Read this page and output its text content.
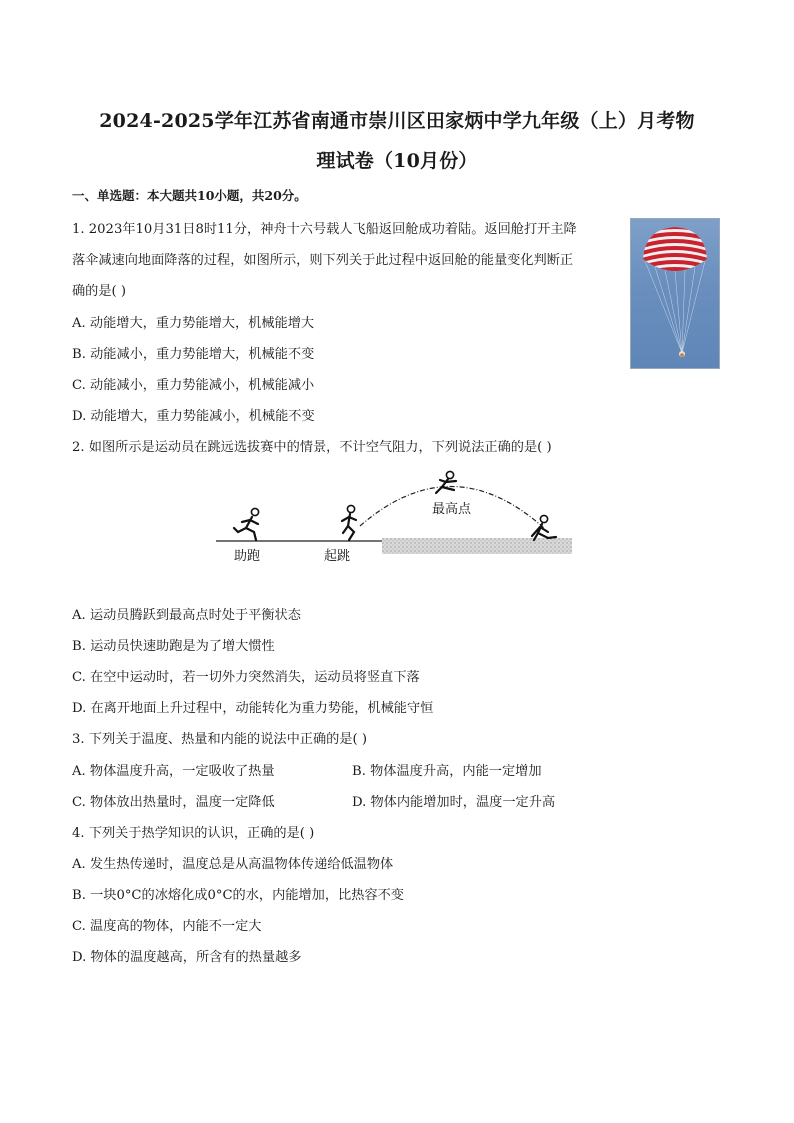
2024-2025学年江苏省南通市崇川区田家炳中学九年级（上）月考物
理试卷（10月份）
一、单选题：本大题共10小题，共20分。
1. 2023年10月31日8时11分，神舟十六号载人飞船返回舱成功着陆。返回舱打开主降
落伞减速向地面降落的过程，如图所示，则下列关于此过程中返回舱的能量变化判断正
确的是( )
A. 动能增大，重力势能增大，机械能增大
B. 动能减小，重力势能增大，机械能不变
C. 动能减小，重力势能减小，机械能减小
D. 动能增大，重力势能减小，机械能不变
2. 如图所示是运动员在跳远选拔赛中的情景，不计空气阻力，下列说法正确的是( )
助跑	起跳
最高点
A. 运动员腾跃到最高点时处于平衡状态
B. 运动员快速助跑是为了增大惯性
C. 在空中运动时，若一切外力突然消失，运动员将竖直下落
D. 在离开地面上升过程中，动能转化为重力势能，机械能守恒
3. 下列关于温度、热量和内能的说法中正确的是( )
A. 物体温度升高，一定吸收了热量	B. 物体温度升高，内能一定增加
C. 物体放出热量时，温度一定降低	D. 物体内能增加时，温度一定升高
4. 下列关于热学知识的认识，正确的是( )
A. 发生热传递时，温度总是从高温物体传递给低温物体
B. 一块0°C的冰熔化成0°C的水，内能增加，比热容不变
C. 温度高的物体，内能不一定大
D. 物体的温度越高，所含有的热量越多
